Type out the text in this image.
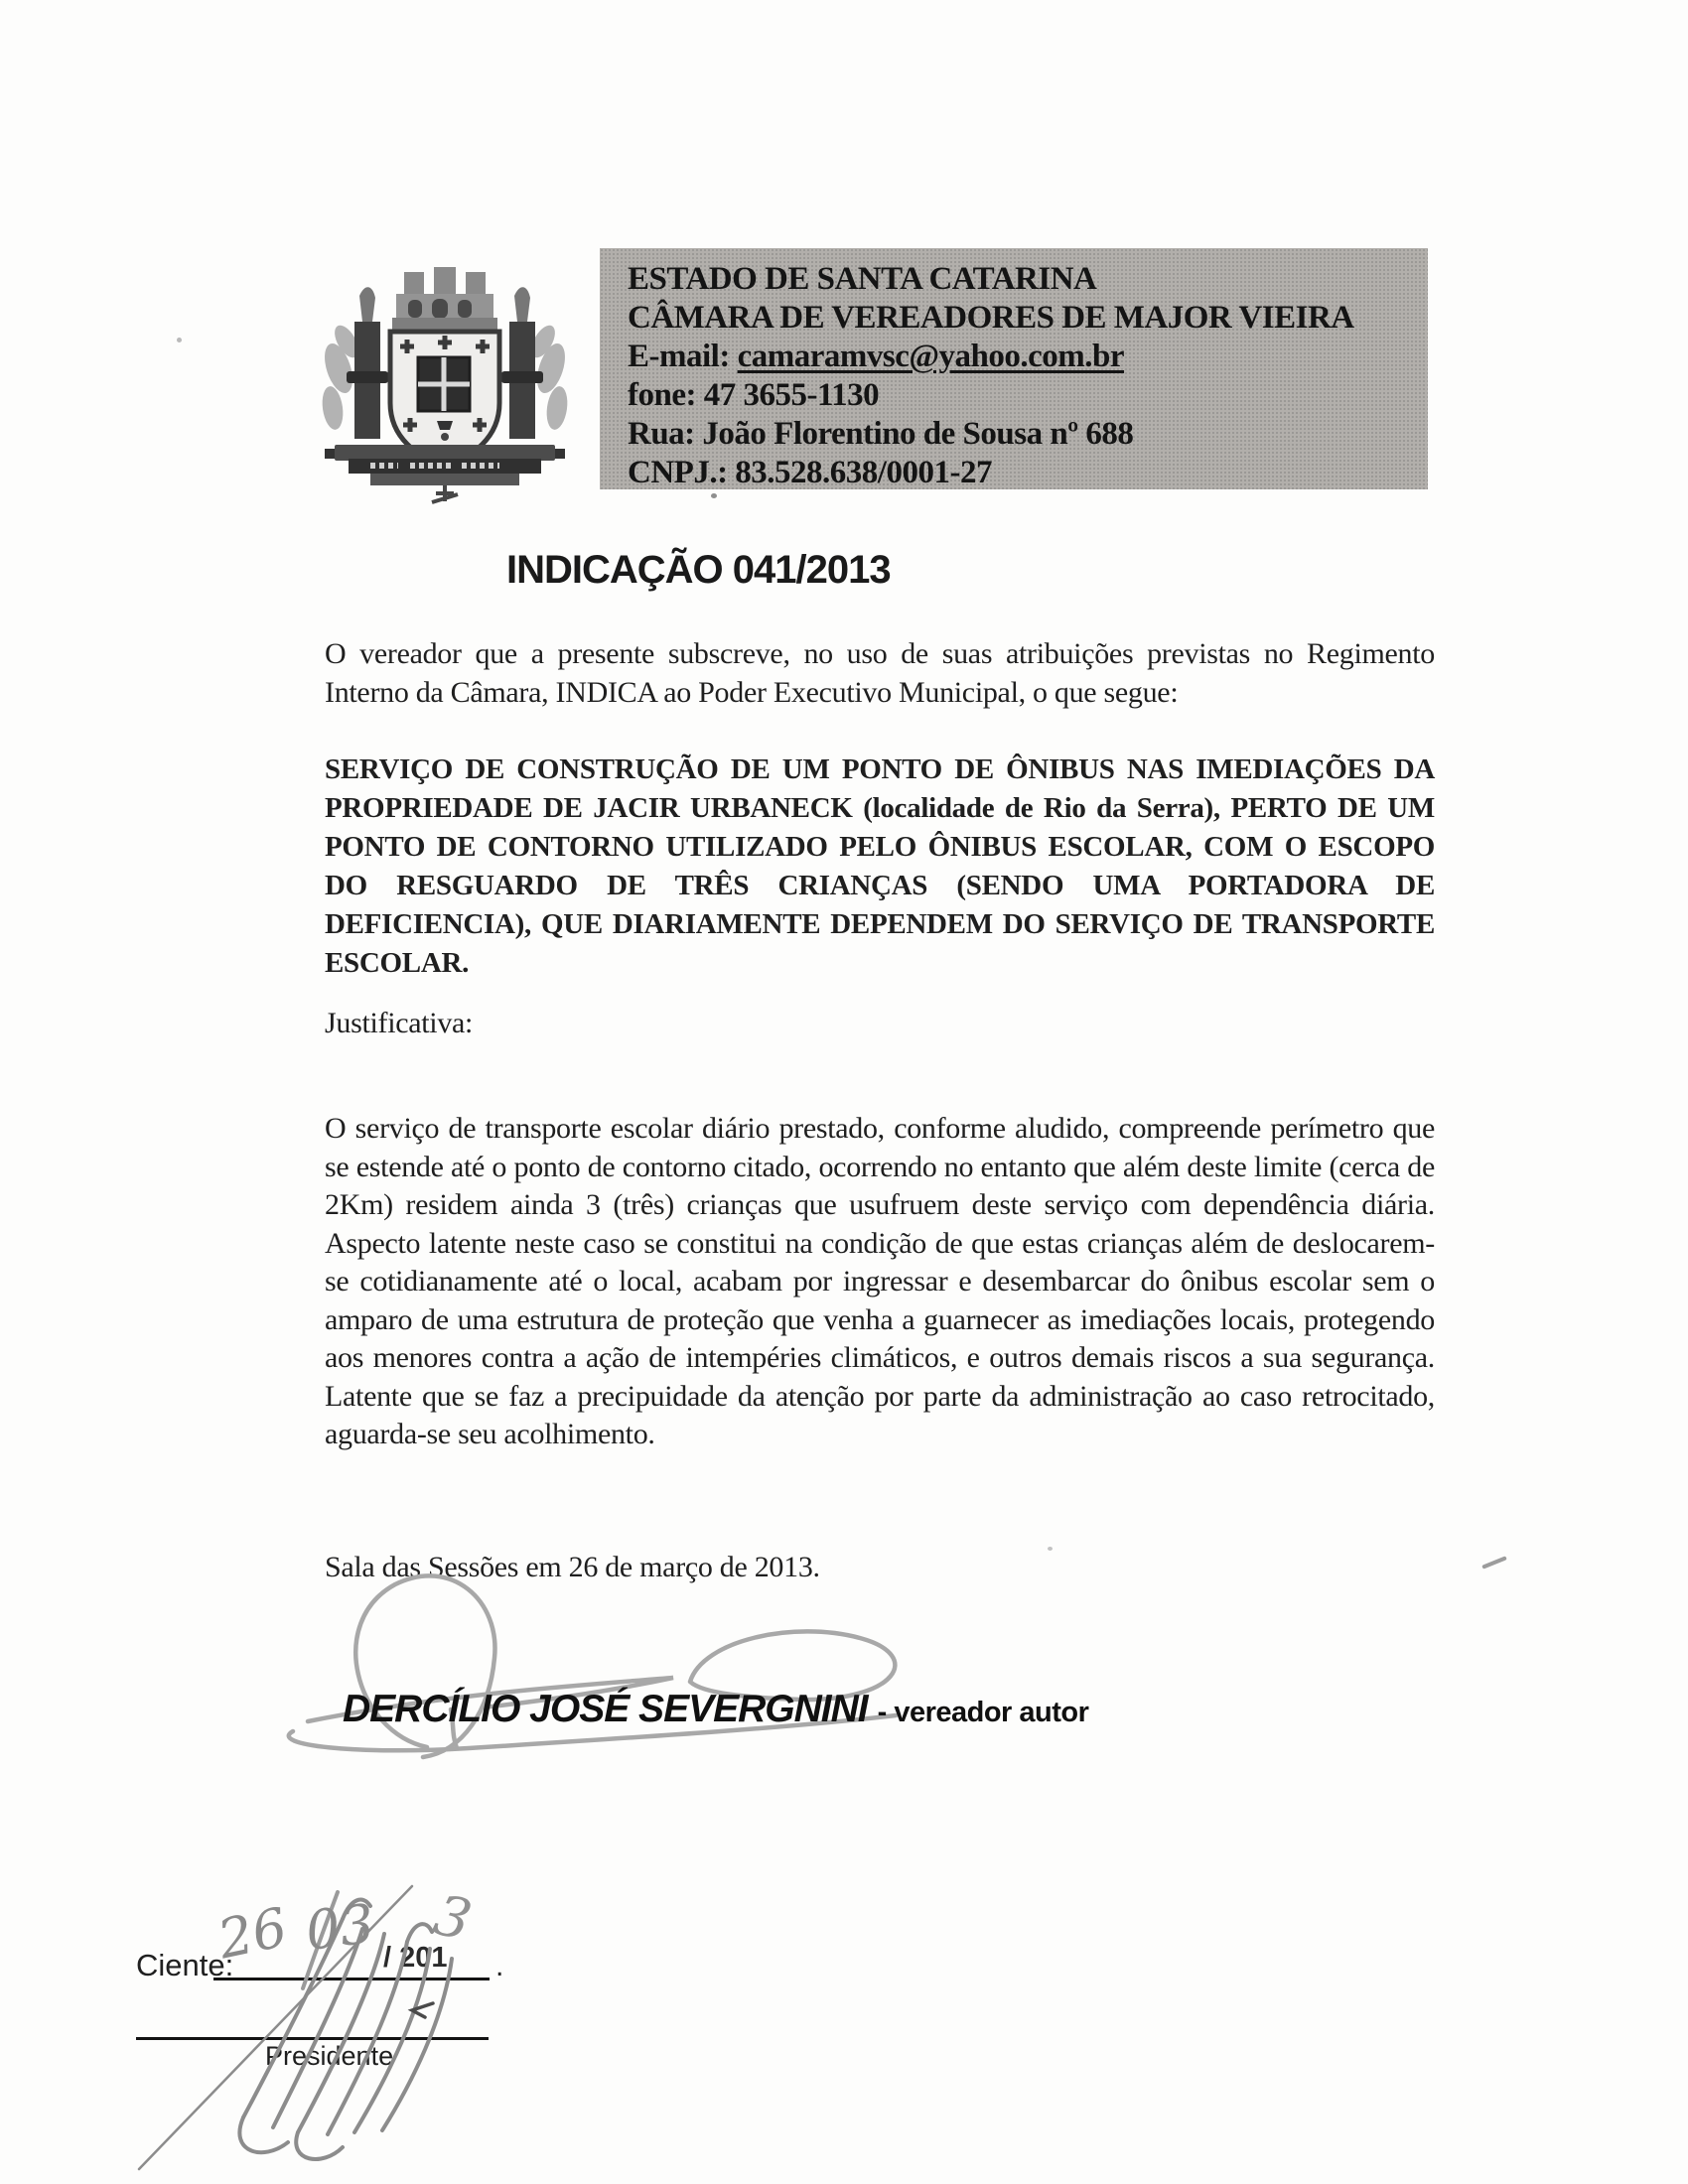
ESTADO DE SANTA CATARINA
CÂMARA DE VEREADORES DE MAJOR VIEIRA
E-mail: camaramvsc@yahoo.com.br
fone: 47 3655-1130
Rua: João Florentino de Sousa nº 688
CNPJ.: 83.528.638/0001-27
INDICAÇÃO 041/2013
O vereador que a presente subscreve, no uso de suas atribuições previstas no Regimento Interno da Câmara, INDICA ao Poder Executivo Municipal, o que segue:
SERVIÇO DE CONSTRUÇÃO DE UM PONTO DE ÔNIBUS NAS IMEDIAÇÕES DA PROPRIEDADE DE JACIR URBANECK (localidade de Rio da Serra), PERTO DE UM PONTO DE CONTORNO UTILIZADO PELO ÔNIBUS ESCOLAR, COM O ESCOPO DO RESGUARDO DE TRÊS CRIANÇAS (SENDO UMA PORTADORA DE DEFICIENCIA), QUE DIARIAMENTE DEPENDEM DO SERVIÇO DE TRANSPORTE ESCOLAR.
Justificativa:
O serviço de transporte escolar diário prestado, conforme aludido, compreende perímetro que se estende até o ponto de contorno citado, ocorrendo no entanto que além deste limite (cerca de 2Km) residem ainda 3 (três) crianças que usufruem deste serviço com dependência diária. Aspecto latente neste caso se constitui na condição de que estas crianças além de deslocarem-se cotidianamente até o local, acabam por ingressar e desembarcar do ônibus escolar sem o amparo de uma estrutura de proteção que venha a guarnecer as imediações locais, protegendo aos menores contra a ação de intempéries climáticos, e outros demais riscos a sua segurança. Latente que se faz a precipuidade da atenção por parte da administração ao caso retrocitado, aguarda-se seu acolhimento.
Sala das Sessões em 26 de março de 2013.
DERCÍLIO JOSÉ SEVERGNINI - vereador autor
Ciente:	/ 201 .
26 03 3
Presidente
